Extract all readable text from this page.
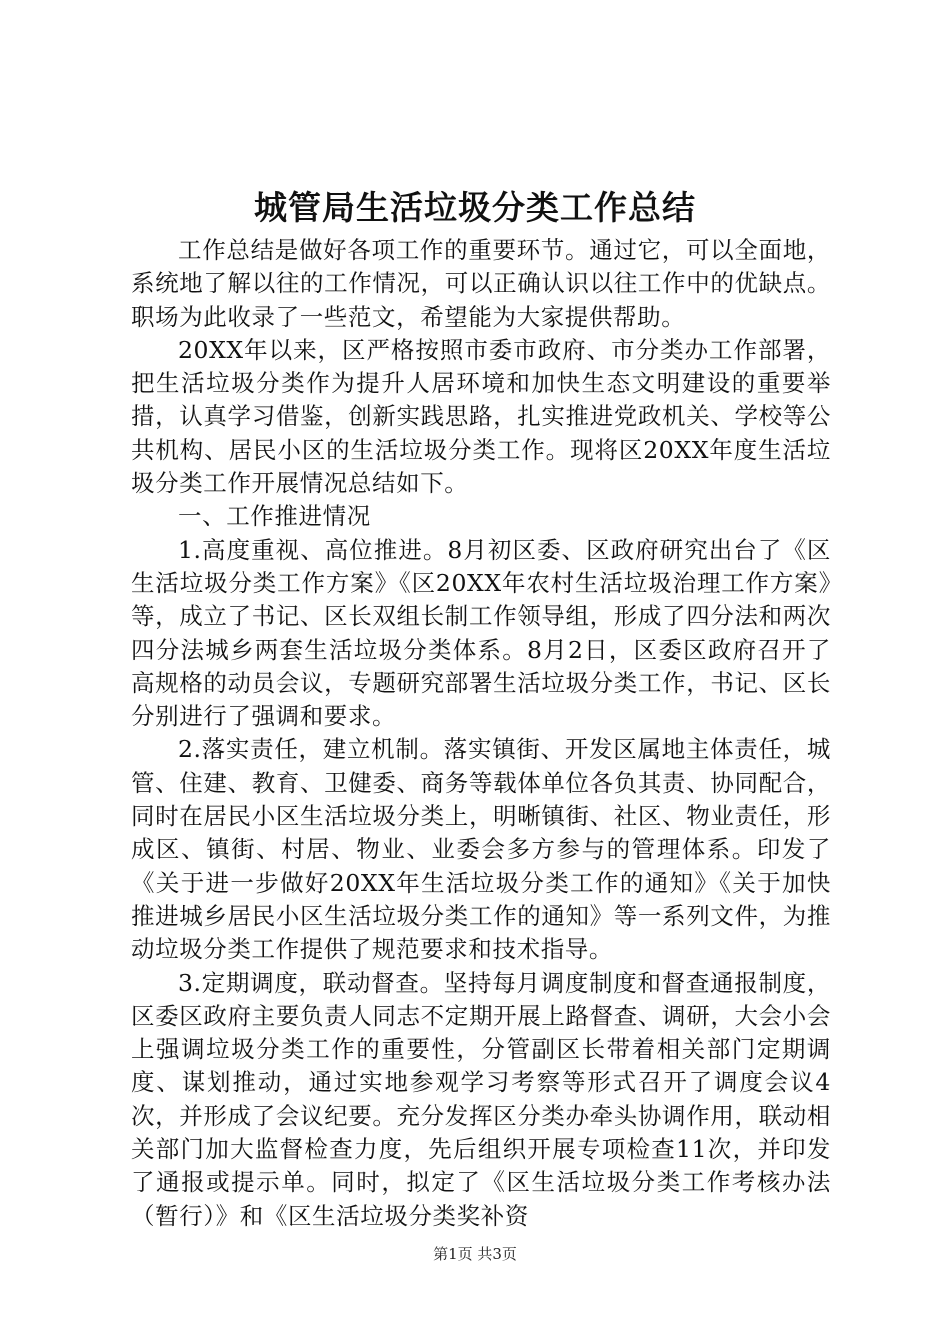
城管局生活垃圾分类工作总结

工作总结是做好各项工作的重要环节。通过它，可以全面地，系统地了解以往的工作情况，可以正确认识以往工作中的优缺点。职场为此收录了一些范文，希望能为大家提供帮助。

20XX年以来，区严格按照市委市政府、市分类办工作部署，把生活垃圾分类作为提升人居环境和加快生态文明建设的重要举措，认真学习借鉴，创新实践思路，扎实推进党政机关、学校等公共机构、居民小区的生活垃圾分类工作。现将区20XX年度生活垃圾分类工作开展情况总结如下。

一、工作推进情况

1.高度重视、高位推进。8月初区委、区政府研究出台了《区生活垃圾分类工作方案》《区20XX年农村生活垃圾治理工作方案》等，成立了书记、区长双组长制工作领导组，形成了四分法和两次四分法城乡两套生活垃圾分类体系。8月2日，区委区政府召开了高规格的动员会议，专题研究部署生活垃圾分类工作，书记、区长分别进行了强调和要求。

2.落实责任，建立机制。落实镇街、开发区属地主体责任，城管、住建、教育、卫健委、商务等载体单位各负其责、协同配合，同时在居民小区生活垃圾分类上，明晰镇街、社区、物业责任，形成区、镇街、村居、物业、业委会多方参与的管理体系。印发了《关于进一步做好20XX年生活垃圾分类工作的通知》《关于加快推进城乡居民小区生活垃圾分类工作的通知》等一系列文件，为推动垃圾分类工作提供了规范要求和技术指导。

3.定期调度，联动督查。坚持每月调度制度和督查通报制度，区委区政府主要负责人同志不定期开展上路督查、调研，大会小会上强调垃圾分类工作的重要性，分管副区长带着相关部门定期调度、谋划推动，通过实地参观学习考察等形式召开了调度会议4次，并形成了会议纪要。充分发挥区分类办牵头协调作用，联动相关部门加大监督检查力度，先后组织开展专项检查11次，并印发了通报或提示单。同时，拟定了《区生活垃圾分类工作考核办法（暂行）》和《区生活垃圾分类奖补资

第1页 共3页
